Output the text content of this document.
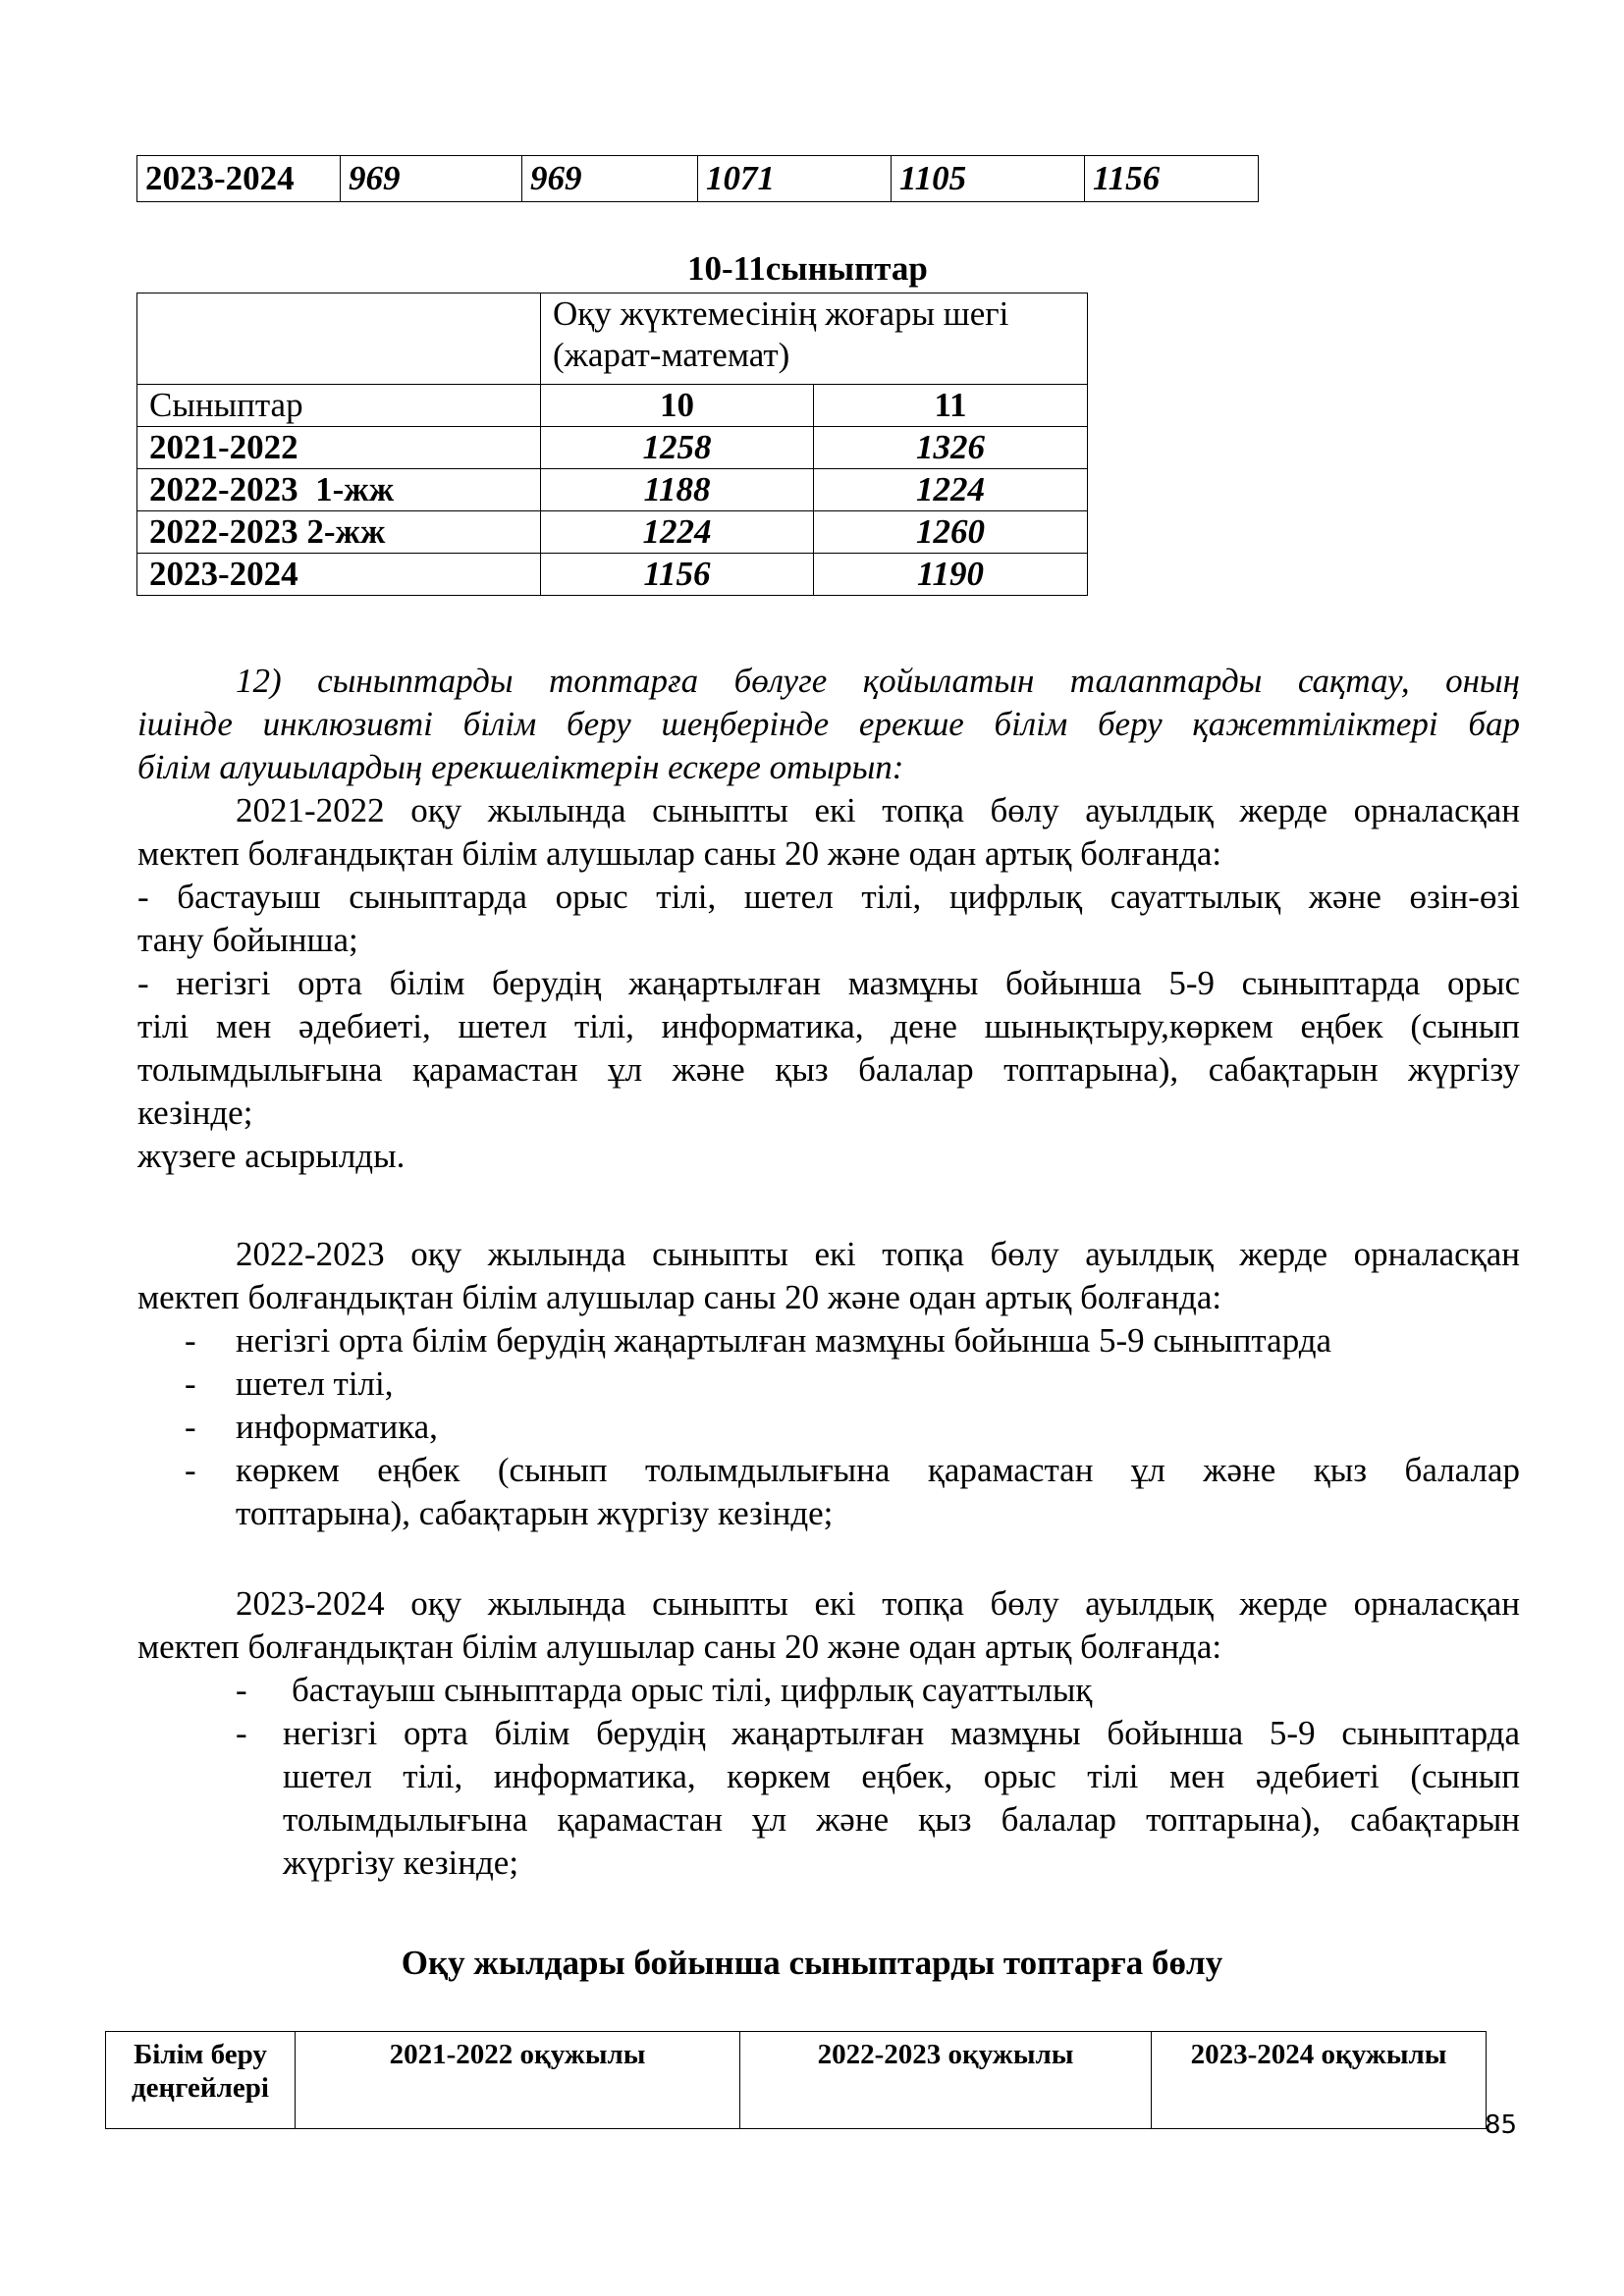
2023-2024	969	969	1071	1105	1156
10-11сыныптар
	Оқу жүктемесінің жоғары шегі (жарат-математ)	
Сыныптар	10	11
2021-2022	1258	1326
2022-2023  1-жж	1188	1224
2022-2023 2-жж	1224	1260
2023-2024	1156	1190
12) сыныптарды топтарға бөлуге қойылатын талаптарды сақтау, оның
ішінде инклюзивті білім беру шеңберінде ерекше білім беру қажеттіліктері бар
білім алушылардың ерекшеліктерін ескере отырып:
2021-2022 оқу жылында сыныпты екі топқа бөлу ауылдық жерде орналасқан
мектеп болғандықтан білім алушылар саны 20 және одан артық болғанда:
- бастауыш сыныптарда орыс тілі, шетел тілі, цифрлық сауаттылық және өзін-өзі
тану бойынша;
- негізгі орта білім берудің жаңартылған мазмұны бойынша 5-9 сыныптарда орыс
тілі мен әдебиеті, шетел тілі, информатика, дене шынықтыру,көркем еңбек (сынып
толымдылығына қарамастан ұл және қыз балалар топтарына), сабақтарын жүргізу
кезінде;
жүзеге асырылды.
2022-2023 оқу жылында сыныпты екі топқа бөлу ауылдық жерде орналасқан
мектеп болғандықтан білім алушылар саны 20 және одан артық болғанда:
- негізгі орта білім берудің жаңартылған мазмұны бойынша 5-9 сыныптарда
- шетел тілі,
- информатика,
- көркем еңбек (сынып толымдылығына қарамастан ұл және қыз балалар
топтарына), сабақтарын жүргізу кезінде;
2023-2024 оқу жылында сыныпты екі топқа бөлу ауылдық жерде орналасқан
мектеп болғандықтан білім алушылар саны 20 және одан артық болғанда:
- бастауыш сыныптарда орыс тілі, цифрлық сауаттылық
- негізгі орта білім берудің жаңартылған мазмұны бойынша 5-9 сыныптарда
шетел тілі, информатика, көркем еңбек, орыс тілі мен әдебиеті (сынып
толымдылығына қарамастан ұл және қыз балалар топтарына), сабақтарын
жүргізу кезінде;
Оқу жылдары бойынша сыныптарды топтарға бөлу
Білім беру
деңгейлері
	2021-2022 оқужылы	2022-2023 оқужылы	2023-2024 оқужылы
85
